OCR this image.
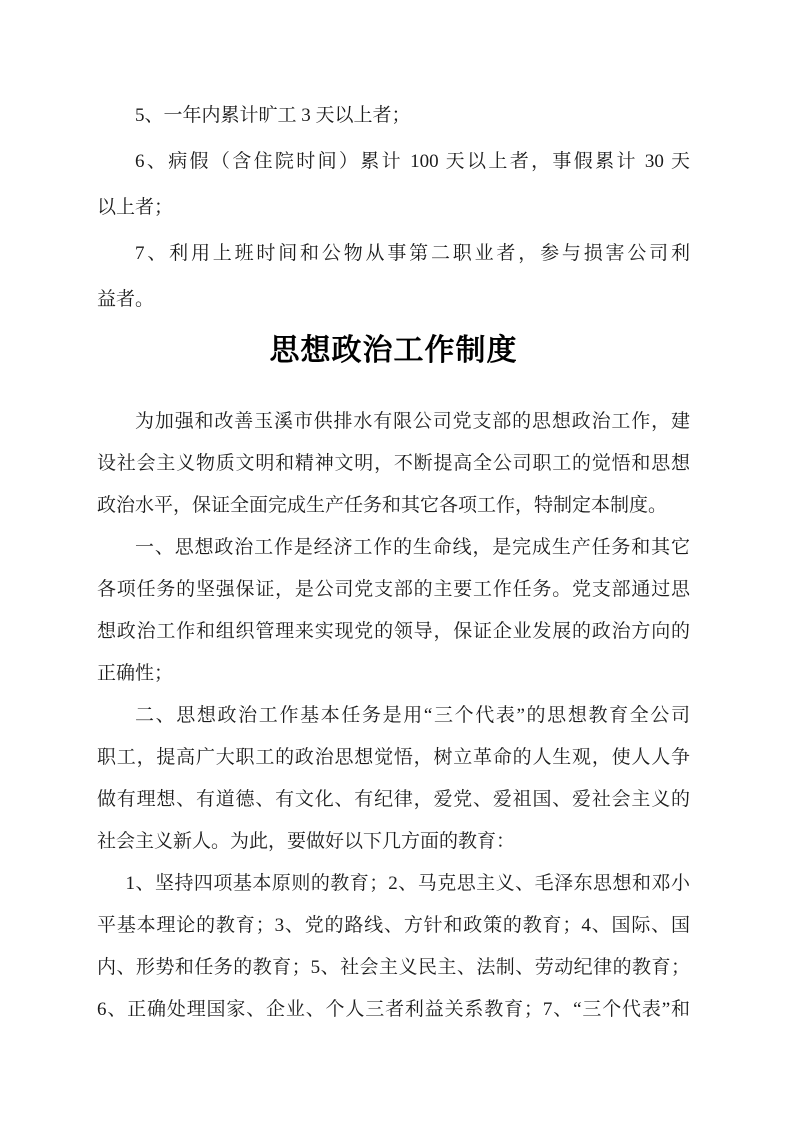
5、一年内累计旷工 3 天以上者；
6、病假（含住院时间）累计 100 天以上者，事假累计 30 天
以上者；
7、利用上班时间和公物从事第二职业者，参与损害公司利
益者。
思想政治工作制度
为加强和改善玉溪市供排水有限公司党支部的思想政治工作，建
设社会主义物质文明和精神文明，不断提高全公司职工的觉悟和思想
政治水平，保证全面完成生产任务和其它各项工作，特制定本制度。
一、思想政治工作是经济工作的生命线，是完成生产任务和其它
各项任务的坚强保证，是公司党支部的主要工作任务。党支部通过思
想政治工作和组织管理来实现党的领导，保证企业发展的政治方向的
正确性；
二、思想政治工作基本任务是用“三个代表”的思想教育全公司
职工，提高广大职工的政治思想觉悟，树立革命的人生观，使人人争
做有理想、有道德、有文化、有纪律，爱党、爱祖国、爱社会主义的
社会主义新人。为此，要做好以下几方面的教育：
1、坚持四项基本原则的教育；2、马克思主义、毛泽东思想和邓小
平基本理论的教育；3、党的路线、方针和政策的教育；4、国际、国
内、形势和任务的教育；5、社会主义民主、法制、劳动纪律的教育；
6、正确处理国家、企业、个人三者利益关系教育；7、“三个代表”和
